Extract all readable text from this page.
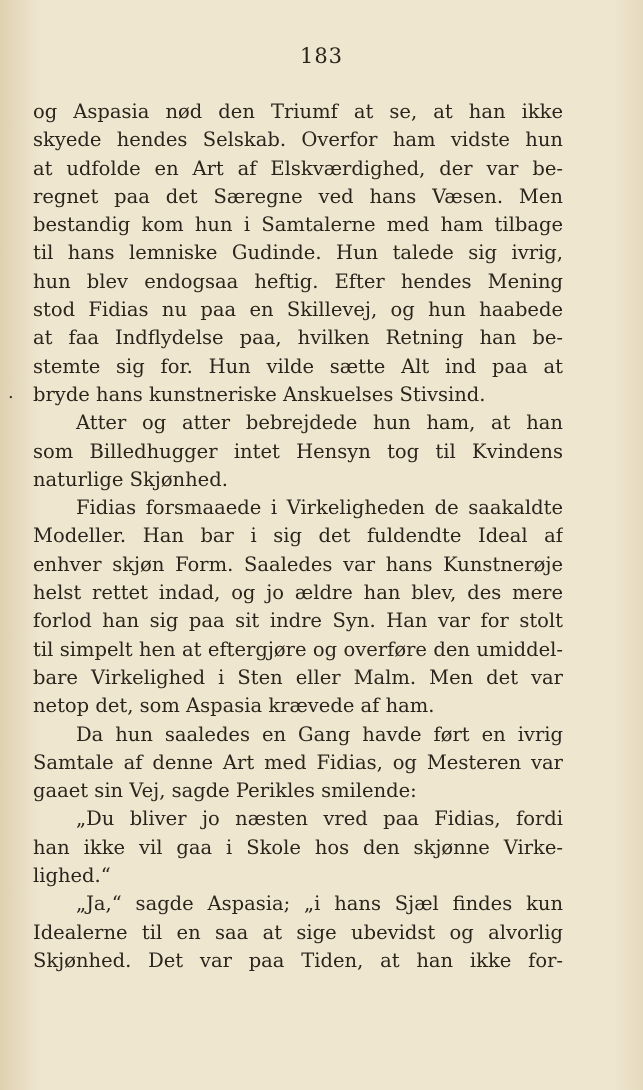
183
.
og Aspasia nød den Triumf at se, at han ikke
skyede hendes Selskab. Overfor ham vidste hun
at udfolde en Art af Elskværdighed, der var be-
regnet paa det Særegne ved hans Væsen. Men
bestandig kom hun i Samtalerne med ham tilbage
til hans lemniske Gudinde. Hun talede sig ivrig,
hun blev endogsaa heftig. Efter hendes Mening
stod Fidias nu paa en Skillevej, og hun haabede
at faa Indflydelse paa, hvilken Retning han be-
stemte sig for. Hun vilde sætte Alt ind paa at
bryde hans kunstneriske Anskuelses Stivsind.
Atter og atter bebrejdede hun ham, at han
som Billedhugger intet Hensyn tog til Kvindens
naturlige Skjønhed.
Fidias forsmaaede i Virkeligheden de saakaldte
Modeller. Han bar i sig det fuldendte Ideal af
enhver skjøn Form. Saaledes var hans Kunstnerøje
helst rettet indad, og jo ældre han blev, des mere
forlod han sig paa sit indre Syn. Han var for stolt
til simpelt hen at eftergjøre og overføre den umiddel-
bare Virkelighed i Sten eller Malm. Men det var
netop det, som Aspasia krævede af ham.
Da hun saaledes en Gang havde ført en ivrig
Samtale af denne Art med Fidias, og Mesteren var
gaaet sin Vej, sagde Perikles smilende:
„Du bliver jo næsten vred paa Fidias, fordi
han ikke vil gaa i Skole hos den skjønne Virke-
lighed.“
„Ja,“ sagde Aspasia; „i hans Sjæl findes kun
Idealerne til en saa at sige ubevidst og alvorlig
Skjønhed. Det var paa Tiden, at han ikke for-
